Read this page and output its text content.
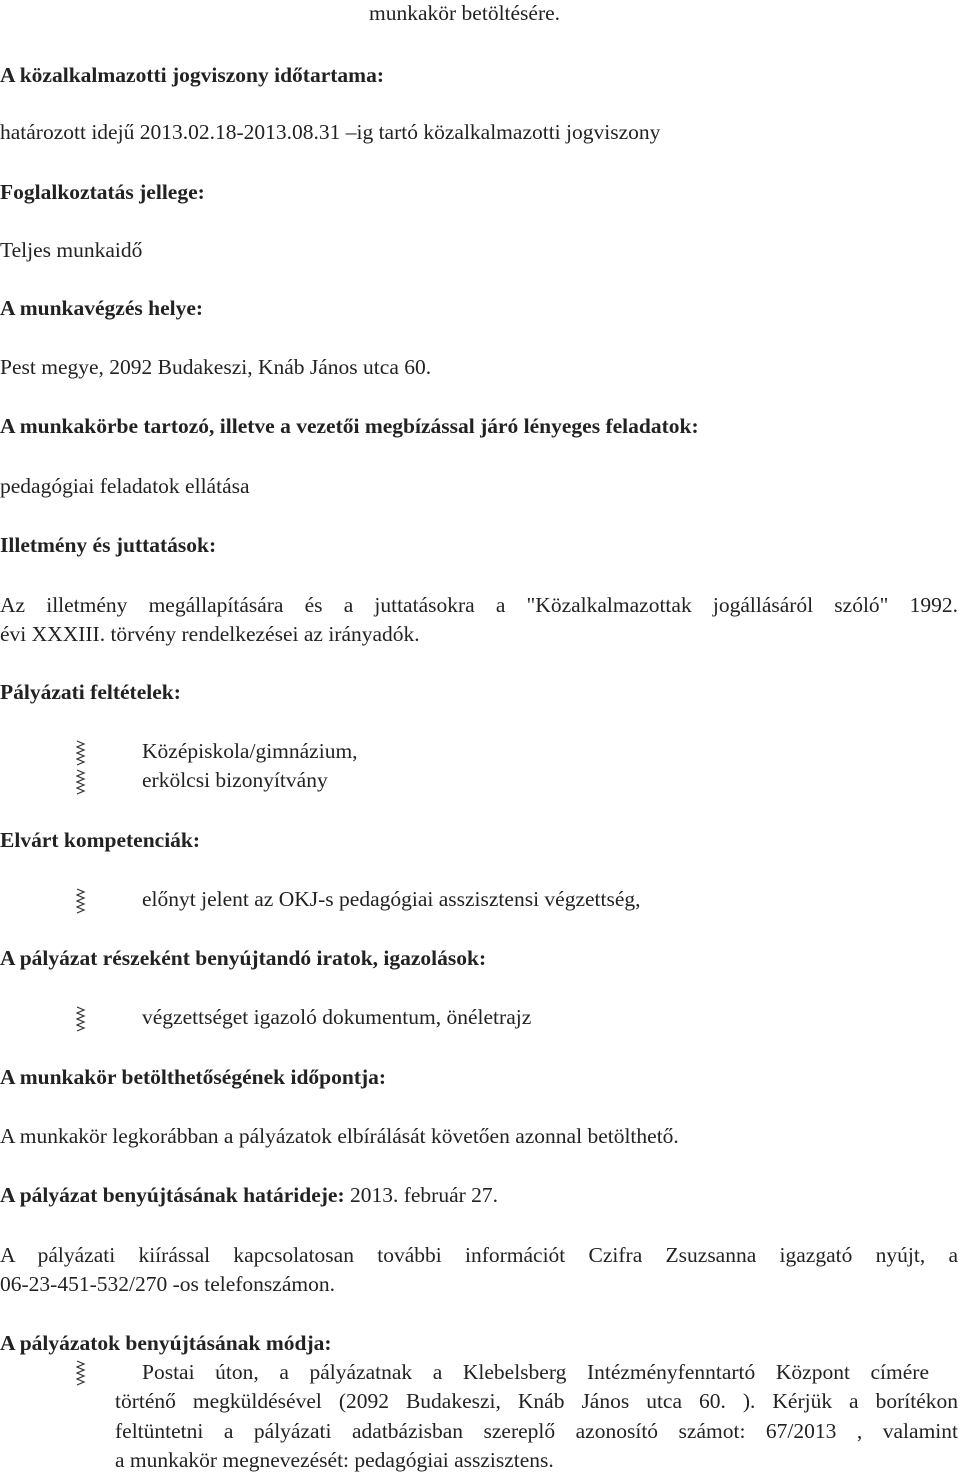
munkakör betöltésére.
A közalkalmazotti jogviszony időtartama:
határozott idejű 2013.02.18-2013.08.31 –ig tartó közalkalmazotti jogviszony
Foglalkoztatás jellege:
Teljes munkaidő
A munkavégzés helye:
Pest megye, 2092 Budakeszi, Knáb János utca 60.
A munkakörbe tartozó, illetve a vezetői megbízással járó lényeges feladatok:
pedagógiai feladatok ellátása
Illetmény és juttatások:
Az illetmény megállapítására és a juttatásokra a "Közalkalmazottak jogállásáról szóló" 1992.
évi XXXIII. törvény rendelkezései az irányadók.
Pályázati feltételek:
Középiskola/gimnázium,
erkölcsi bizonyítvány
Elvárt kompetenciák:
előnyt jelent az OKJ-s pedagógiai asszisztensi végzettség,
A pályázat részeként benyújtandó iratok, igazolások:
végzettséget igazoló dokumentum, önéletrajz
A munkakör betölthetőségének időpontja:
A munkakör legkorábban a pályázatok elbírálását követően azonnal betölthető.
A pályázat benyújtásának határideje: 2013. február 27.
A pályázati kiírással kapcsolatosan további információt Czifra Zsuzsanna igazgató nyújt, a
06-23-451-532/270 -os telefonszámon.
A pályázatok benyújtásának módja:
Postai úton, a pályázatnak a Klebelsberg Intézményfenntartó Központ címére
történő megküldésével (2092 Budakeszi, Knáb János utca 60. ). Kérjük a borítékon
feltüntetni a pályázati adatbázisban szereplő azonosító számot: 67/2013 , valamint
a munkakör megnevezését: pedagógiai asszisztens.
